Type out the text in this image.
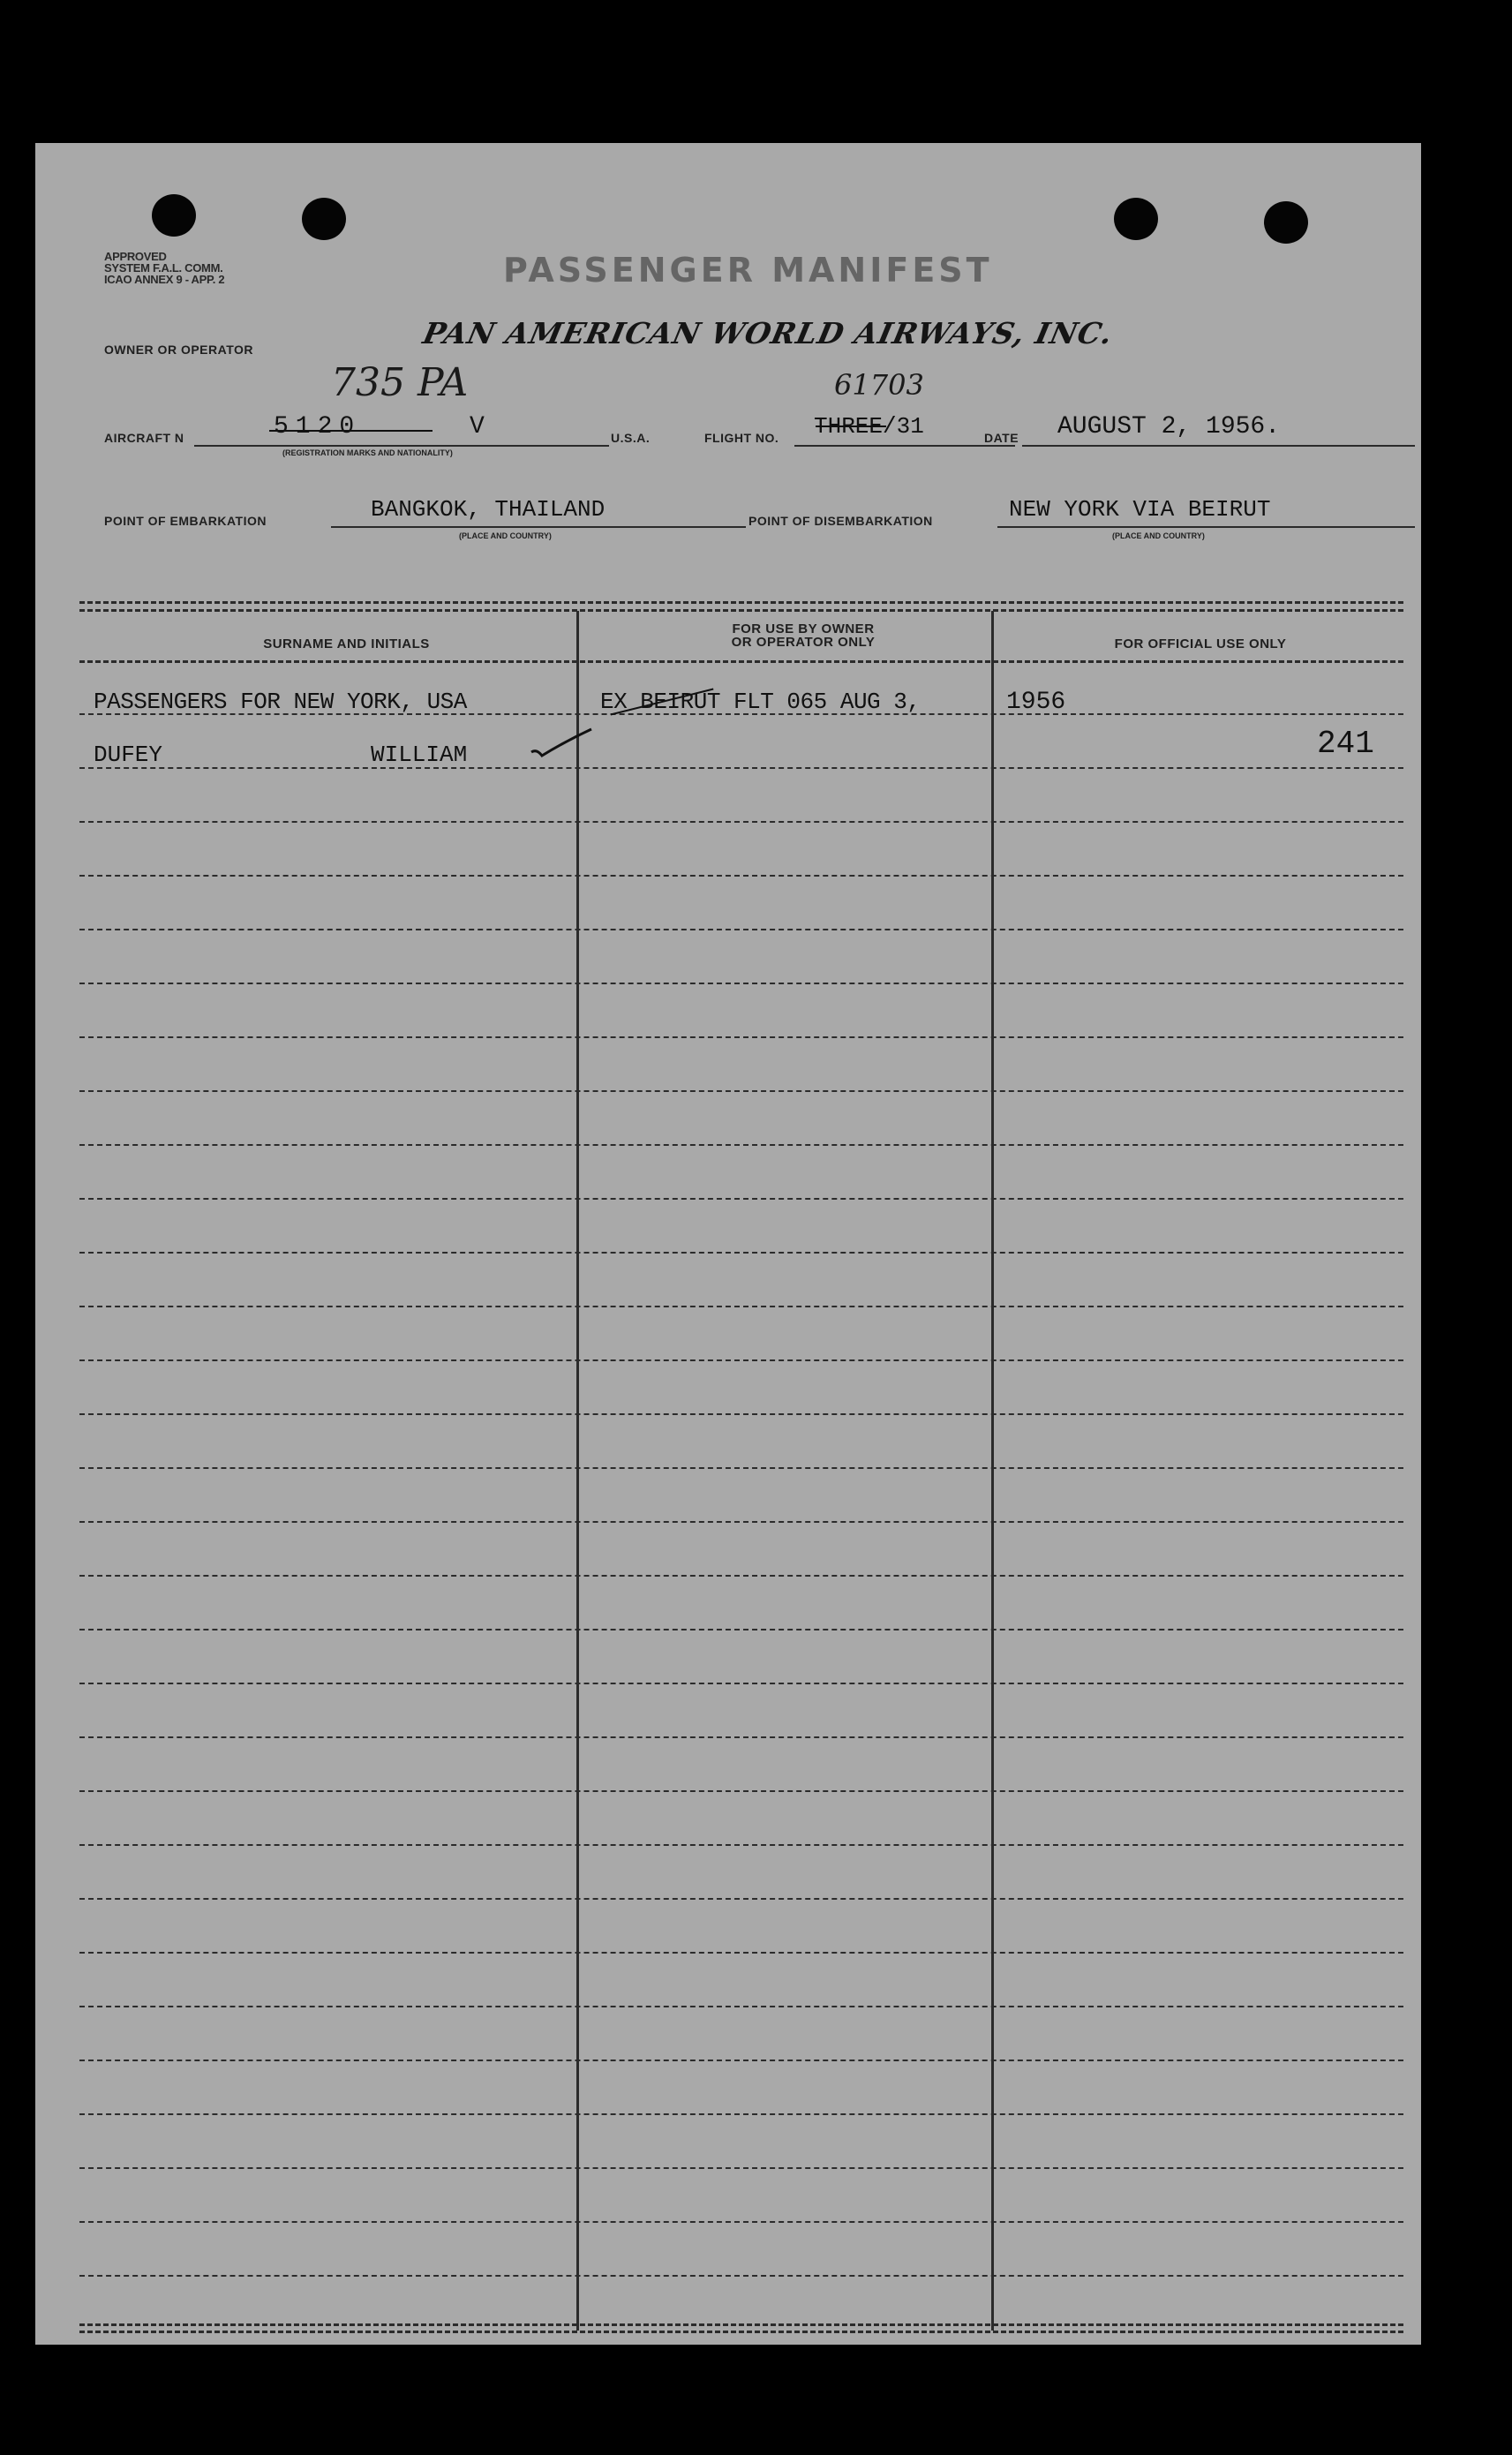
APPROVED
SYSTEM F.A.L. COMM.
ICAO ANNEX 9 - APP. 2	PASSENGER MANIFEST
OWNER OR OPERATOR	PAN AMERICAN WORLD AIRWAYS, INC.
735 PA	61703
AIRCRAFT N	5120	V
(REGISTRATION MARKS AND NATIONALITY)
U.S.A.	FLIGHT NO. THREE/31	DATE AUGUST 2, 1956.
POINT OF EMBARKATION	BANGKOK, THAILAND
(PLACE AND COUNTRY)
POINT OF DISEMBARKATION	NEW YORK VIA BEIRUT
(PLACE AND COUNTRY)
SURNAME AND INITIALS
FOR USE BY OWNER
OR OPERATOR ONLY	FOR OFFICIAL USE ONLY
PASSENGERS FOR NEW YORK, USA	EX BEIRUT FLT 065 AUG 3,	1956
DUFEY	WILLIAM	241
